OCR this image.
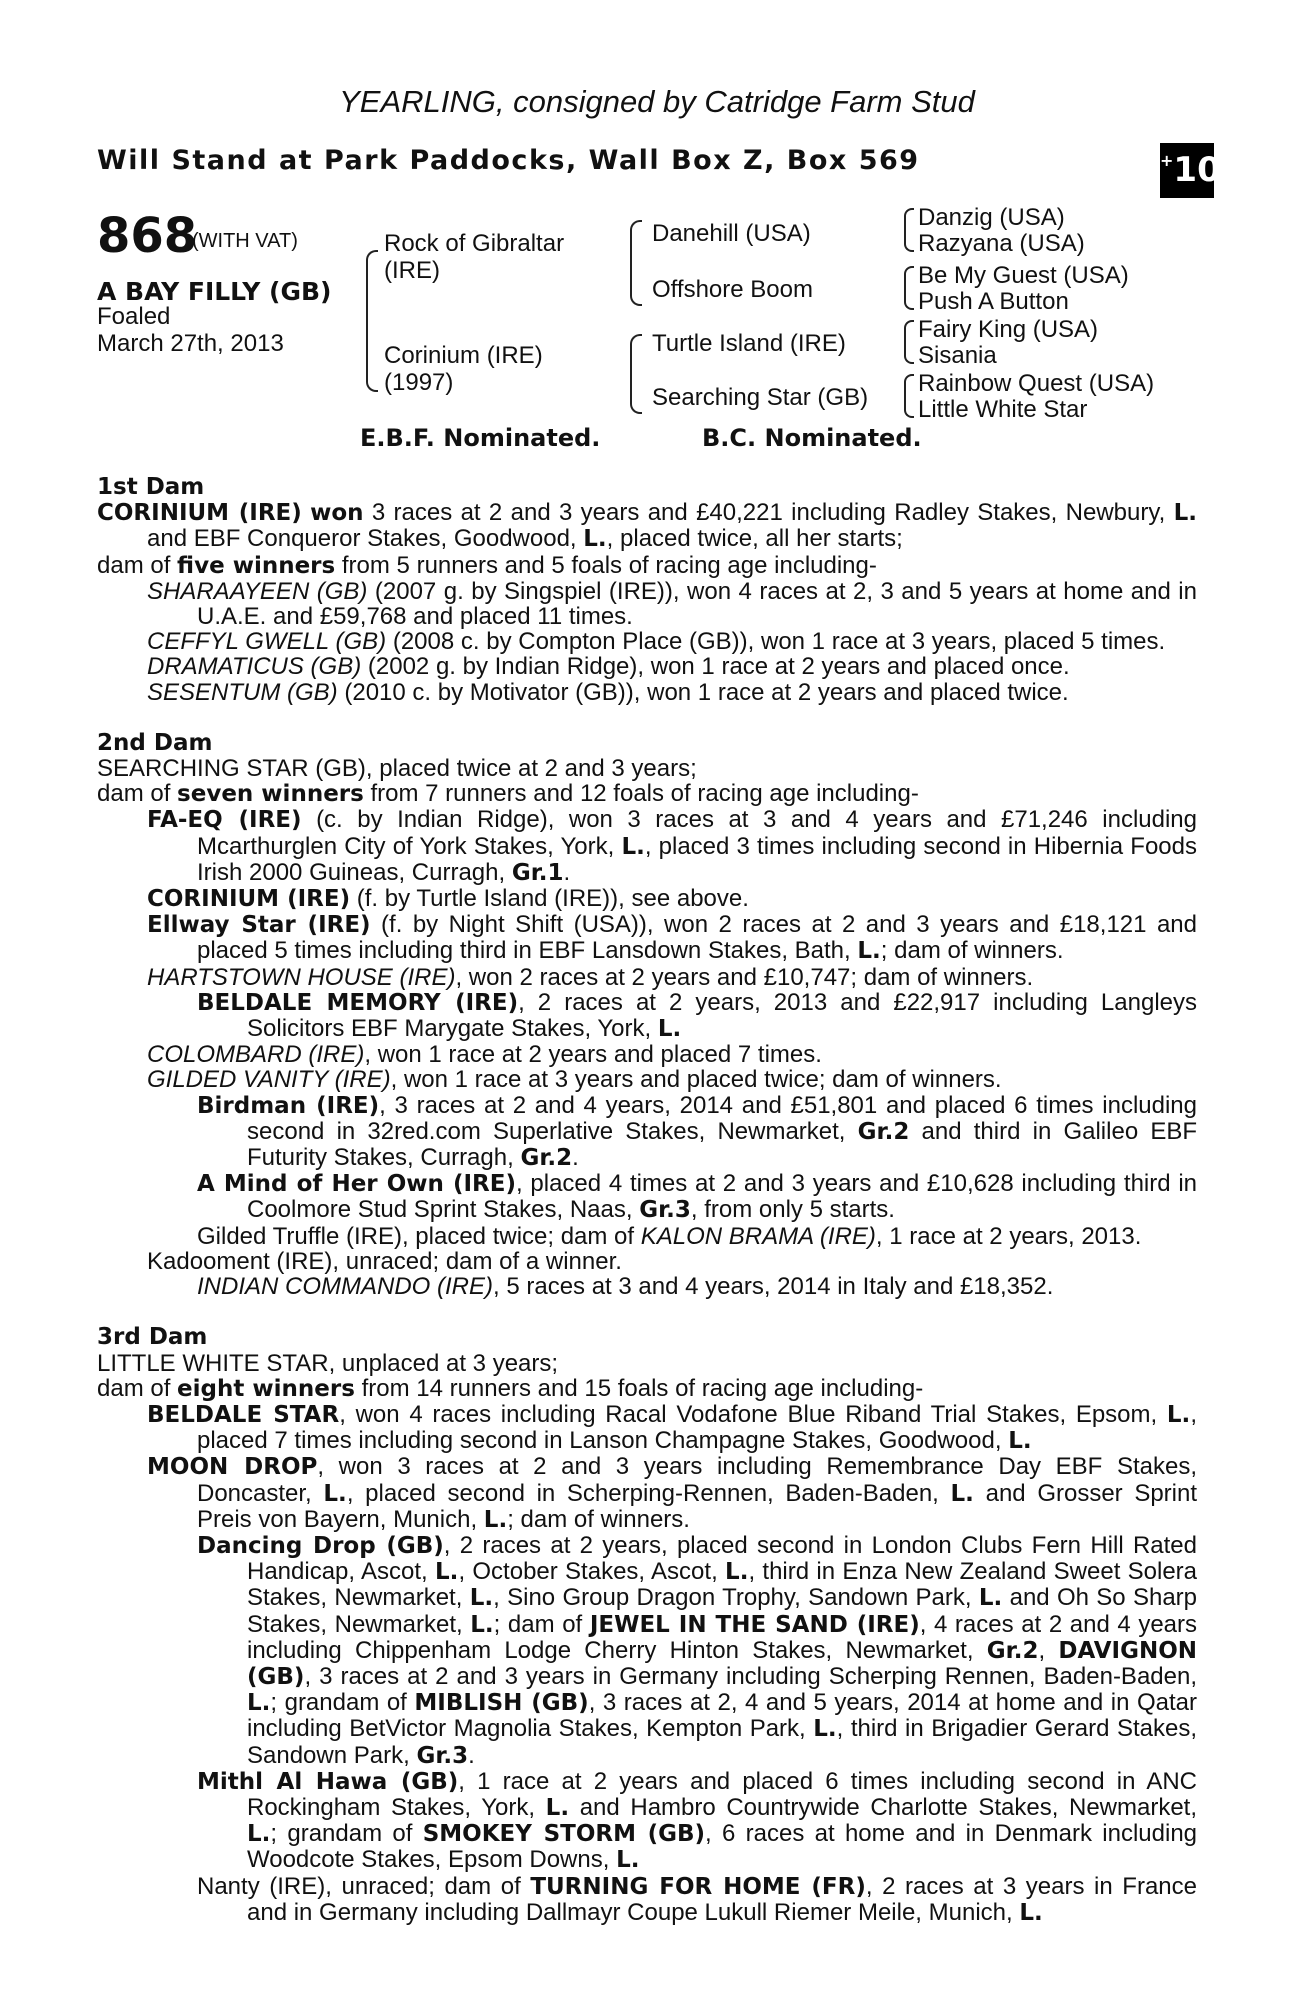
YEARLING, consigned by Catridge Farm Stud
Will Stand at Park Paddocks, Wall Box Z, Box 569	+10
868
(WITH VAT)
A BAY FILLY (GB)
Foaled
March 27th, 2013
Rock of Gibraltar
(IRE)
Corinium (IRE)
(1997)
Danehill (USA)
Offshore Boom
Turtle Island (IRE)
Searching Star (GB)
Danzig (USA)
Razyana (USA)
Be My Guest (USA)
Push A Button
Fairy King (USA)
Sisania
Rainbow Quest (USA)
Little White Star
E.B.F. Nominated.	B.C. Nominated.

1st Dam

CORINIUM (IRE) won 3 races at 2 and 3 years and £40,221 including Radley Stakes, Newbury, L. and EBF Conqueror Stakes, Goodwood, L., placed twice, all her starts;

dam of five winners from 5 runners and 5 foals of racing age including-

SHARAAYEEN (GB) (2007 g. by Singspiel (IRE)), won 4 races at 2, 3 and 5 years at home and in U.A.E. and £59,768 and placed 11 times.

CEFFYL GWELL (GB) (2008 c. by Compton Place (GB)), won 1 race at 3 years, placed 5 times.

DRAMATICUS (GB) (2002 g. by Indian Ridge), won 1 race at 2 years and placed once.

SESENTUM (GB) (2010 c. by Motivator (GB)), won 1 race at 2 years and placed twice.

2nd Dam

SEARCHING STAR (GB), placed twice at 2 and 3 years;

dam of seven winners from 7 runners and 12 foals of racing age including-

FA-EQ (IRE) (c. by Indian Ridge), won 3 races at 3 and 4 years and £71,246 including Mcarthurglen City of York Stakes, York, L., placed 3 times including second in Hibernia Foods Irish 2000 Guineas, Curragh, Gr.1.

CORINIUM (IRE) (f. by Turtle Island (IRE)), see above.

Ellway Star (IRE) (f. by Night Shift (USA)), won 2 races at 2 and 3 years and £18,121 and placed 5 times including third in EBF Lansdown Stakes, Bath, L.; dam of winners.

HARTSTOWN HOUSE (IRE), won 2 races at 2 years and £10,747; dam of winners.

BELDALE MEMORY (IRE), 2 races at 2 years, 2013 and £22,917 including Langleys Solicitors EBF Marygate Stakes, York, L.

COLOMBARD (IRE), won 1 race at 2 years and placed 7 times.

GILDED VANITY (IRE), won 1 race at 3 years and placed twice; dam of winners.

Birdman (IRE), 3 races at 2 and 4 years, 2014 and £51,801 and placed 6 times including second in 32red.com Superlative Stakes, Newmarket, Gr.2 and third in Galileo EBF Futurity Stakes, Curragh, Gr.2.

A Mind of Her Own (IRE), placed 4 times at 2 and 3 years and £10,628 including third in Coolmore Stud Sprint Stakes, Naas, Gr.3, from only 5 starts.

Gilded Truffle (IRE), placed twice; dam of KALON BRAMA (IRE), 1 race at 2 years, 2013.

Kadooment (IRE), unraced; dam of a winner.

INDIAN COMMANDO (IRE), 5 races at 3 and 4 years, 2014 in Italy and £18,352.

3rd Dam

LITTLE WHITE STAR, unplaced at 3 years;

dam of eight winners from 14 runners and 15 foals of racing age including-

BELDALE STAR, won 4 races including Racal Vodafone Blue Riband Trial Stakes, Epsom, L., placed 7 times including second in Lanson Champagne Stakes, Goodwood, L.

MOON DROP, won 3 races at 2 and 3 years including Remembrance Day EBF Stakes, Doncaster, L., placed second in Scherping-Rennen, Baden-Baden, L. and Grosser Sprint Preis von Bayern, Munich, L.; dam of winners.

Dancing Drop (GB), 2 races at 2 years, placed second in London Clubs Fern Hill Rated Handicap, Ascot, L., October Stakes, Ascot, L., third in Enza New Zealand Sweet Solera Stakes, Newmarket, L., Sino Group Dragon Trophy, Sandown Park, L. and Oh So Sharp Stakes, Newmarket, L.; dam of JEWEL IN THE SAND (IRE), 4 races at 2 and 4 years including Chippenham Lodge Cherry Hinton Stakes, Newmarket, Gr.2, DAVIGNON (GB), 3 races at 2 and 3 years in Germany including Scherping Rennen, Baden-Baden, L.; grandam of MIBLISH (GB), 3 races at 2, 4 and 5 years, 2014 at home and in Qatar including BetVictor Magnolia Stakes, Kempton Park, L., third in Brigadier Gerard Stakes, Sandown Park, Gr.3.

Mithl Al Hawa (GB), 1 race at 2 years and placed 6 times including second in ANC Rockingham Stakes, York, L. and Hambro Countrywide Charlotte Stakes, Newmarket, L.; grandam of SMOKEY STORM (GB), 6 races at home and in Denmark including Woodcote Stakes, Epsom Downs, L.

Nanty (IRE), unraced; dam of TURNING FOR HOME (FR), 2 races at 3 years in France and in Germany including Dallmayr Coupe Lukull Riemer Meile, Munich, L.
